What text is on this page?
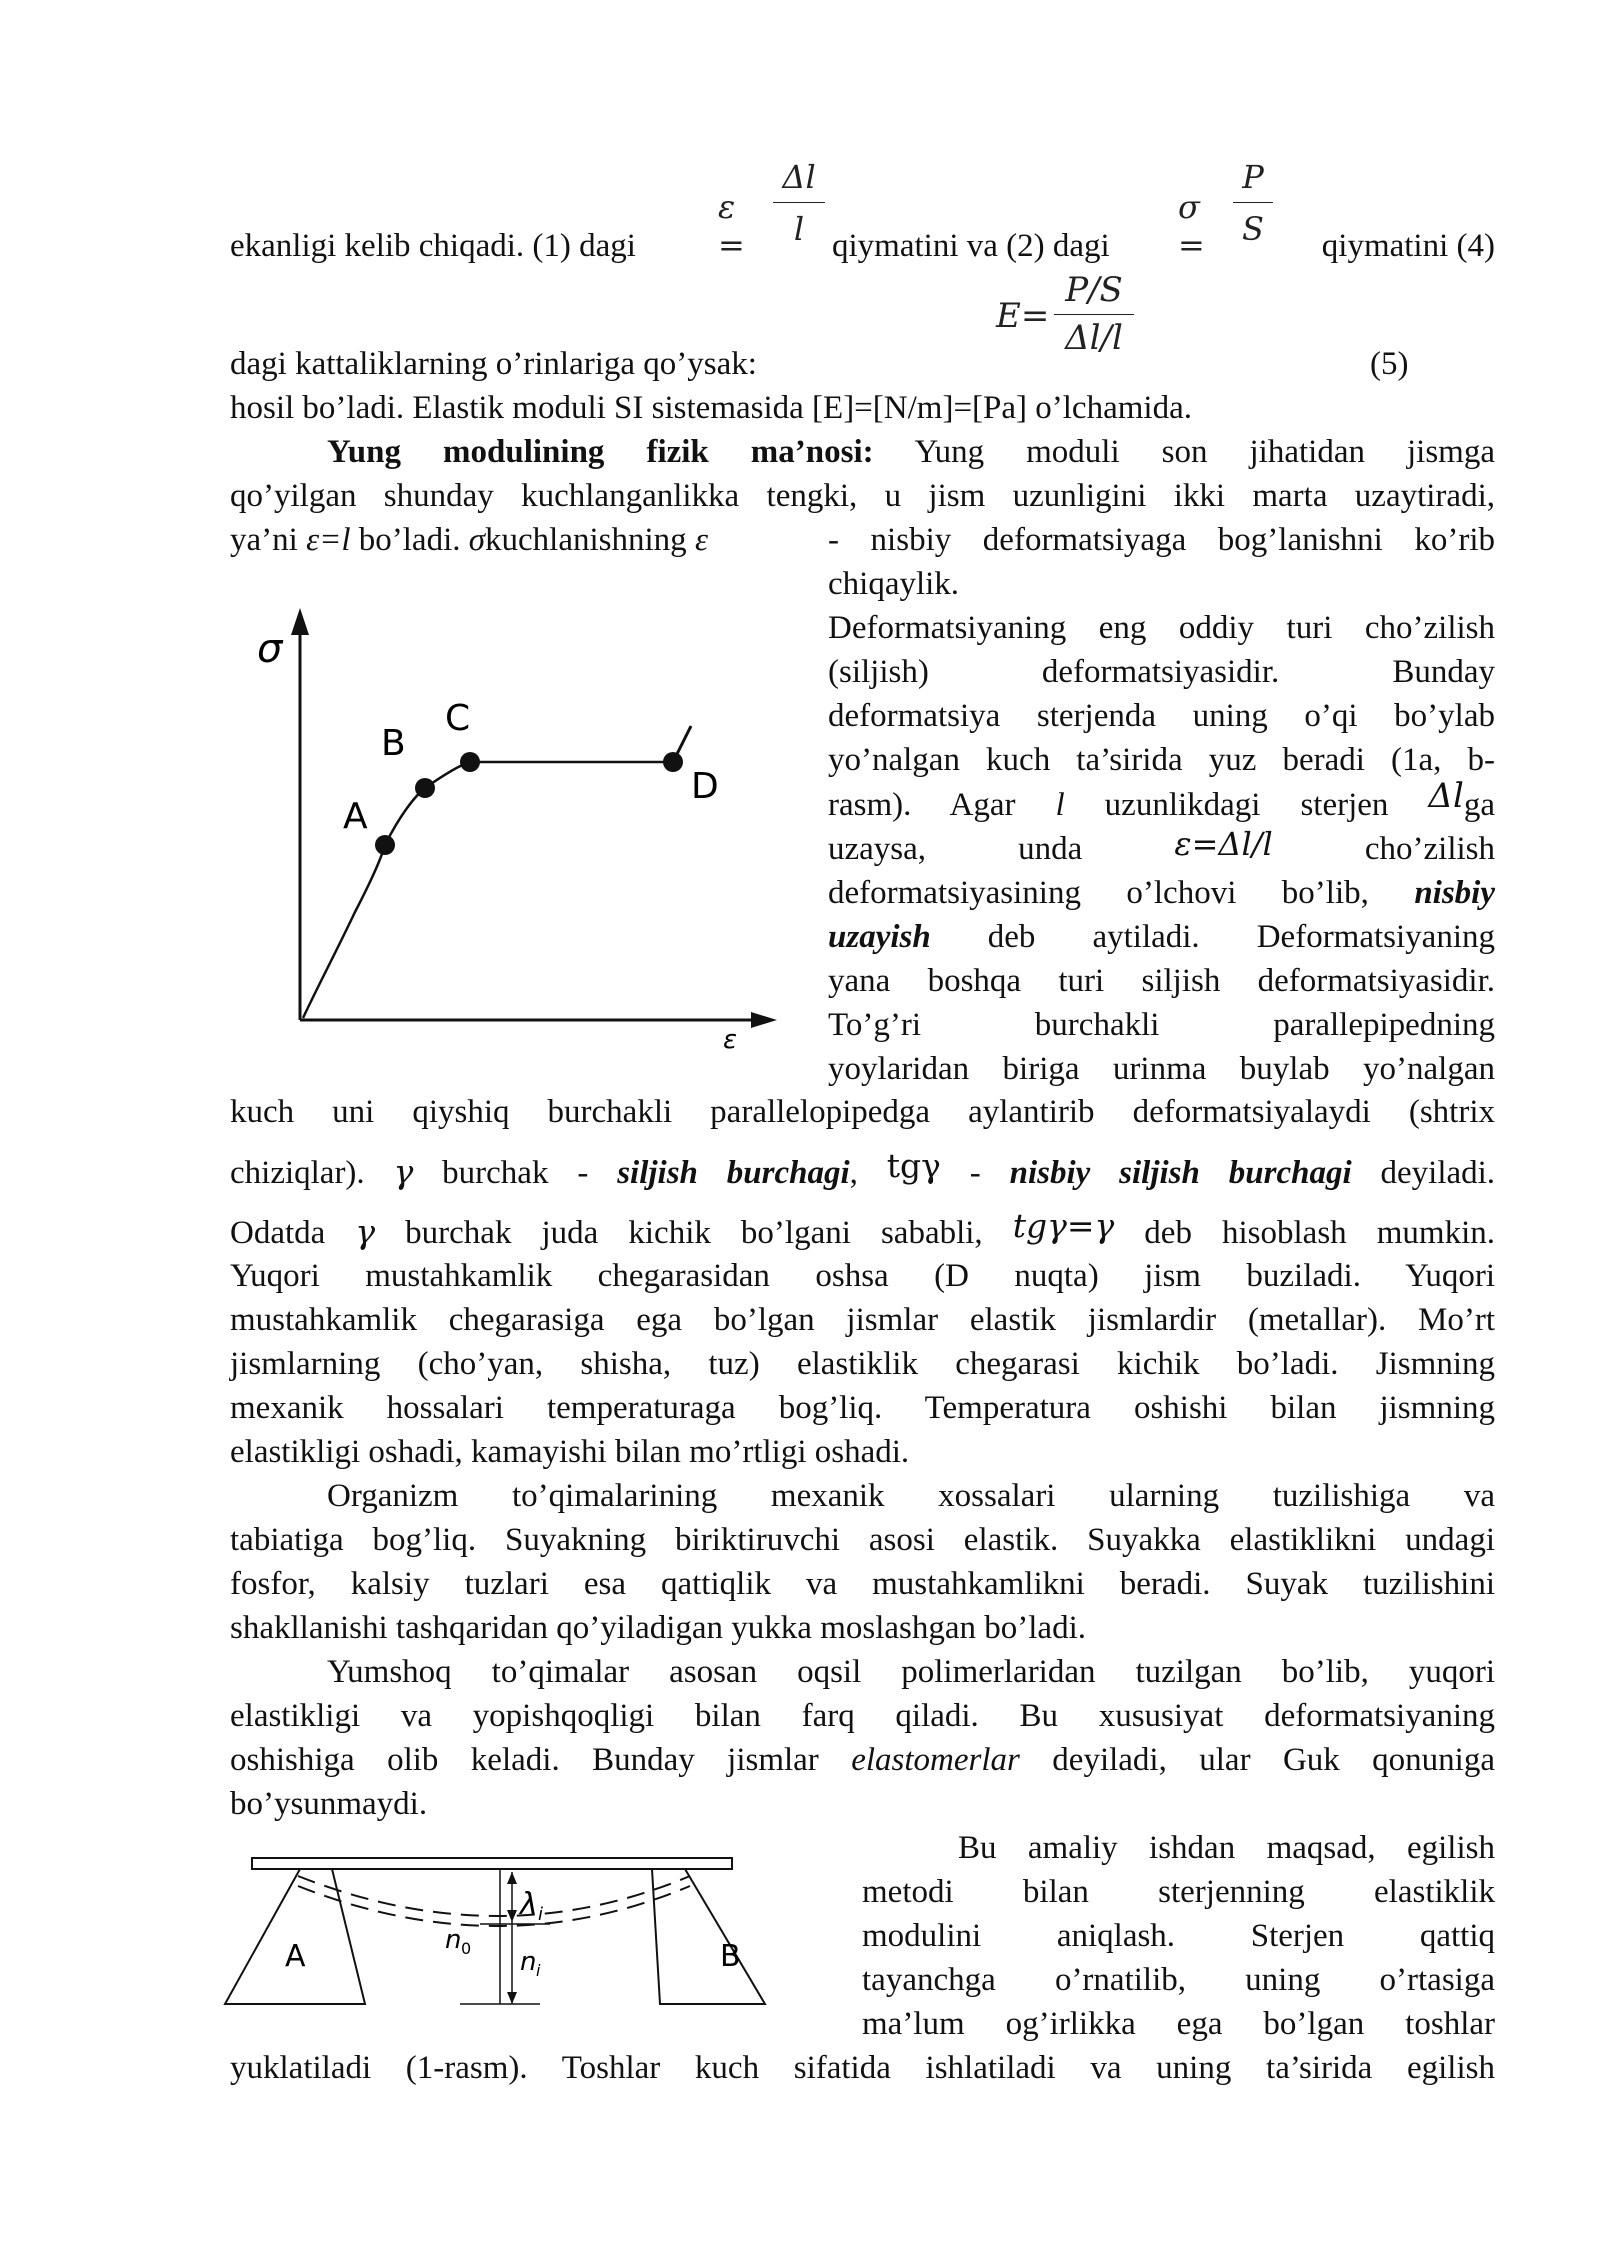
ekanligi kelib chiqadi. (1) dagi
ε =
Δl
l qiymatini va (2) dagi
σ =
P
S	qiymatini (4)
E=
P/S
Δl/l
dagi kattaliklarning o’rinlariga qo’ysak:	(5)
hosil bo’ladi. Elastik moduli SI sistemasida [E]=[N/m]=[Pa] o’lchamida.
Yung modulining fizik ma’nosi: Yung moduli son jihatidan jismga
qo’yilgan shunday kuchlanganlikka tengki, u jism uzunligini ikki marta uzaytiradi,
ya’ni ε=l bo’ladi. σkuchlanishning ε
σ
ε
A
B
C
D
- nisbiy deformatsiyaga bog’lanishni ko’rib
chiqaylik.
Deformatsiyaning eng oddiy turi cho’zilish
(siljish) deformatsiyasidir. Bunday
deformatsiya sterjenda uning o’qi bo’ylab
yo’nalgan kuch ta’sirida yuz beradi (1a, b-
rasm). Agar l uzunlikdagi sterjen Δlga
uzaysa,	unda	ε=Δl/l	cho’zilish
deformatsiyasining o’lchovi bo’lib, nisbiy
uzayish deb aytiladi. Deformatsiyaning
yana boshqa turi siljish deformatsiyasidir.
To’g’ri burchakli parallepipedning
yoylaridan biriga urinma buylab yo’nalgan
kuch uni qiyshiq burchakli parallelopipedga aylantirib deformatsiyalaydi (shtrix
chiziqlar). γ burchak - siljish burchagi, tgγ - nisbiy siljish burchagi deyiladi.
Odatda γ burchak juda kichik bo’lgani sababli, tgγ=γ deb hisoblash mumkin.
Yuqori mustahkamlik chegarasidan oshsa (D nuqta) jism buziladi. Yuqori
mustahkamlik chegarasiga ega bo’lgan jismlar elastik jismlardir (metallar). Mo’rt
jismlarning (cho’yan, shisha, tuz) elastiklik chegarasi kichik bo’ladi. Jismning
mexanik hossalari temperaturaga bog’liq. Temperatura oshishi bilan jismning
elastikligi oshadi, kamayishi bilan mo’rtligi oshadi.
Organizm to’qimalarining mexanik xossalari ularning tuzilishiga va
tabiatiga bog’liq. Suyakning biriktiruvchi asosi elastik. Suyakka elastiklikni undagi
fosfor, kalsiy tuzlari esa qattiqlik va mustahkamlikni beradi. Suyak tuzilishini
shakllanishi tashqaridan qo’yiladigan yukka moslashgan bo’ladi.
Yumshoq to’qimalar asosan oqsil polimerlaridan tuzilgan bo’lib, yuqori
elastikligi va yopishqoqligi bilan farq qiladi. Bu xususiyat deformatsiyaning
oshishiga olib keladi. Bunday jismlar elastomerlar deyiladi, ular Guk qonuniga
bo’ysunmaydi.
A	B
λ i
n 0 n i
Bu amaliy ishdan maqsad, egilish
metodi bilan sterjenning elastiklik
modulini aniqlash. Sterjen qattiq
tayanchga o’rnatilib, uning o’rtasiga
ma’lum og’irlikka ega bo’lgan toshlar
yuklatiladi (1-rasm). Toshlar kuch sifatida ishlatiladi va uning ta’sirida egilish
